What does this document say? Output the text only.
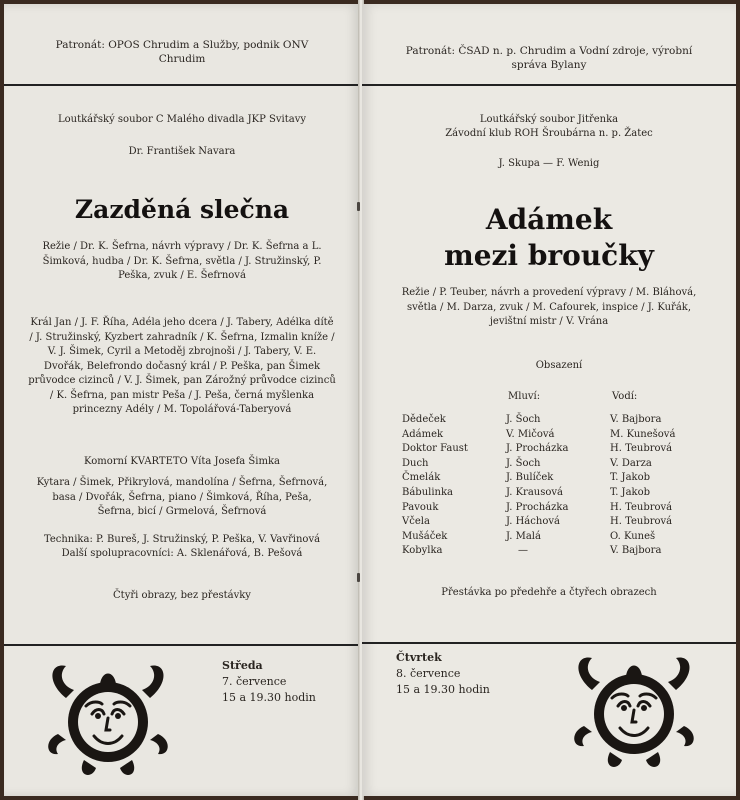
Patronát: OPOS Chrudim a Služby, podnik ONV Chrudim
Loutkářský soubor C Malého divadla JKP Svitavy
Dr. František Navara
Zazděná slečna
Režie / Dr. K. Šefrna, návrh výpravy / Dr. K. Šefrna a L. Šimková, hudba / Dr. K. Šefrna, světla / J. Stružinský, P. Peška, zvuk / E. Šefrnová
Král Jan / J. F. Říha, Adéla jeho dcera / J. Tabery, Adélka dítě / J. Stružinský, Kyzbert zahradník / K. Šefrna, Izmalin kníže / V. J. Šimek, Cyril a Metoděj zbrojnoši / J. Tabery, V. E. Dvořák, Belefrondo dočasný král / P. Peška, pan Šimek průvodce cizinců / V. J. Šimek, pan Zárožný průvodce cizinců / K. Šefrna, pan mistr Peša / J. Peša, černá myšlenka princezny Adély / M. Topolářová-Taberyová
Komorní KVARTETO Víta Josefa Šimka
Kytara / Šimek, Přikrylová, mandolína / Šefrna, Šefrnová, basa / Dvořák, Šefrna, piano / Šimková, Říha, Peša, Šefrna, bicí / Grmelová, Šefrnová
Technika: P. Bureš, J. Stružinský, P. Peška, V. Vavřinová
Další spolupracovníci: A. Sklenářová, B. Pešová
Čtyři obrazy, bez přestávky
Středa
7. července
15 a 19.30 hodin
Patronát: ČSAD n. p. Chrudim a Vodní zdroje, výrobní správa Bylany
Loutkářský soubor Jitřenka
Závodní klub ROH Šroubárna n. p. Žatec
J. Skupa — F. Wenig
Adámek
mezi broučky
Režie / P. Teuber, návrh a provedení výpravy / M. Bláhová, světla / M. Darza, zvuk / M. Cafourek, inspice / J. Kuřák, jevištní mistr / V. Vrána
Obsazení
Mluví:	Vodí:
Dědeček
Adámek
Doktor Faust
Duch
Čmelák
Bábulinka
Pavouk
Včela
Mušáček
Kobylka
J. Šoch
V. Mičová
J. Procházka
J. Šoch
J. Bulíček
J. Krausová
J. Procházka
J. Háchová
J. Malá
—
V. Bajbora
M. Kunešová
H. Teubrová
V. Darza
T. Jakob
T. Jakob
H. Teubrová
H. Teubrová
O. Kuneš
V. Bajbora
Přestávka po předehře a čtyřech obrazech
Čtvrtek
8. července
15 a 19.30 hodin
